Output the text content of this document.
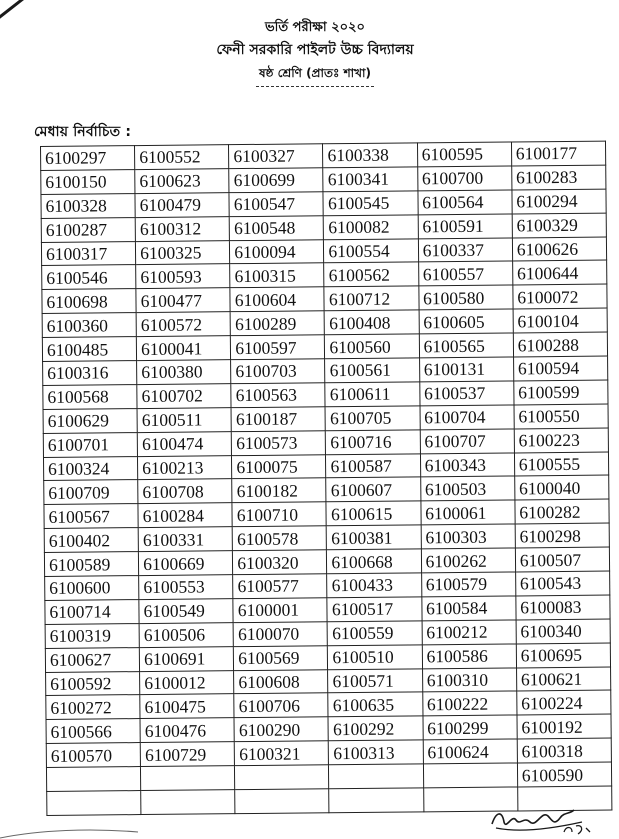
ভর্তি পরীক্ষা ২০২০
ফেনী সরকারি পাইলট উচ্চ বিদ্যালয়
ষষ্ঠ শ্রেণি (প্রাতঃ শাখা)
মেধায় নির্বাচিত :
6100297	6100552	6100327	6100338	6100595	6100177
6100150	6100623	6100699	6100341	6100700	6100283
6100328	6100479	6100547	6100545	6100564	6100294
6100287	6100312	6100548	6100082	6100591	6100329
6100317	6100325	6100094	6100554	6100337	6100626
6100546	6100593	6100315	6100562	6100557	6100644
6100698	6100477	6100604	6100712	6100580	6100072
6100360	6100572	6100289	6100408	6100605	6100104
6100485	6100041	6100597	6100560	6100565	6100288
6100316	6100380	6100703	6100561	6100131	6100594
6100568	6100702	6100563	6100611	6100537	6100599
6100629	6100511	6100187	6100705	6100704	6100550
6100701	6100474	6100573	6100716	6100707	6100223
6100324	6100213	6100075	6100587	6100343	6100555
6100709	6100708	6100182	6100607	6100503	6100040
6100567	6100284	6100710	6100615	6100061	6100282
6100402	6100331	6100578	6100381	6100303	6100298
6100589	6100669	6100320	6100668	6100262	6100507
6100600	6100553	6100577	6100433	6100579	6100543
6100714	6100549	6100001	6100517	6100584	6100083
6100319	6100506	6100070	6100559	6100212	6100340
6100627	6100691	6100569	6100510	6100586	6100695
6100592	6100012	6100608	6100571	6100310	6100621
6100272	6100475	6100706	6100635	6100222	6100224
6100566	6100476	6100290	6100292	6100299	6100192
6100570	6100729	6100321	6100313	6100624	6100318
					6100590
